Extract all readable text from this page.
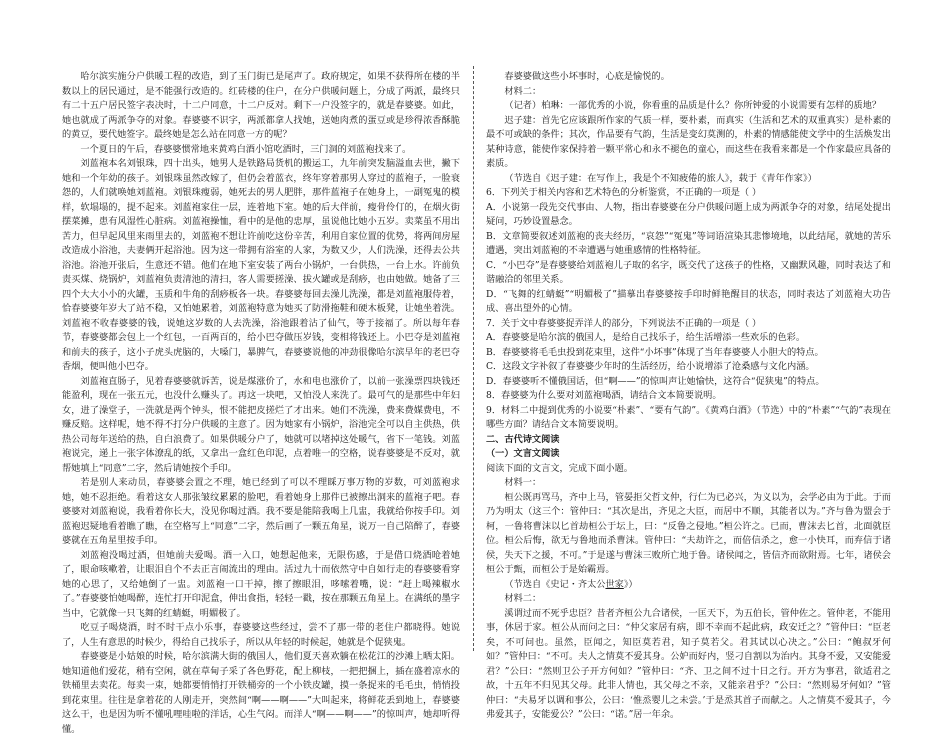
哈尔滨实施分户供暖工程的改造，到了玉门街已是尾声了。政府规定，如果不获得所在楼的半数以上的居民通过，是不能强行改造的。红砖楼的住户，在分户供暖问题上，分成了两派，最终只有二十五户居民签字表决时，十二户同意，十二户反对。剩下一户没签字的，就是春婆婆。如此，她也就成了两派争夺的对象。春婆婆不识字，两派都拿人找她，送她肉煮的蛋豆或是珍得浓香酥脆的黄豆，要代她签字。最终她是怎么站在同意一方的呢？

一个夏日的午后，春婆婆惯常地来黄鸡白酒小馆吃酒时，三门洞的刘蓝袍找来了。

刘蓝袍本名刘银珠，四十出头，她男人是铁路局货机的搬运工，九年前突发脑溢血去世，撇下她和一个年幼的孩子。刘银珠虽然改嫁了，但仍会着蓝衣，终年穿着那男人穿过的蓝袍子，一脸衰怨的，人们就唤她刘蓝袍。刘银珠瘦弱，她死去的男人肥胖，那件蓝袍子在她身上，一副冤鬼的模样，软塌塌的，提不起来。刘蓝袍家住一层，连着地下室。她的后大伴前，瘦骨伶仃的，在烟火街摆菜摊，患有风湿性心脏病。刘蓝袍操恤，看中的是他的忠厚，虽说他比她小五岁。卖菜虽不用出苦力，但早起风里来雨里去的，刘蓝袍不想让许前吃这份辛苦，利用自家位置的优势，将两间房屋改造成小浴池，夫妻俩开起浴池。因为这一带拥有浴室的人家，为数又少，人们洗澡，还得去公共浴池。浴池开张后，生意还不错。他们在地下室安装了两台小锅炉，一台供热，一台上水。许前负责买煤、烧锅炉，刘蓝袍负责清池的清扫，客人需要搓澡、拔火罐或是刮痧，也由她做。她备了三四个大大小小的火罐，玉质和牛角的刮痧板各一块。春婆婆每回去澡儿洗澡，都是刘蓝袍服侍着，恰春婆婆年岁大了站不稳，又怕她累着，刘蓝袍特意为她买了防滑拖鞋和硬木板凳，让她坐着洗。刘蓝袍不收春婆婆的钱，说她这岁数的人去洗澡，浴池跟着沾了仙气，等于接福了。所以每年春节，春婆婆都会包上一个红包，一百两百的，给小巴夺做压岁钱，变相将钱还上。小巴夺是刘蓝袍和前夫的孩子，这小子虎头虎脑的，大嗓门，暴脾气，春婆婆说他的冲劲很像哈尔滨早年的老巴夺香烟，便叫他小巴夺。

刘蓝袍直肠子，见着春婆婆就诉苦，说是煤涨价了，水和电也涨价了，以前一张澡票四块钱还能盈利，现在一张五元，也没什么赚头了。再这一块吧，又怕没人来洗了。最可气的是那些中年妇女，进了澡堂子，一洗就是两个钟头，恨不能把皮搓烂了才出来。她们不洗澡，费来费媒费电，不赚反赔。这样呢，她不得不打分户供暖的主意了。因为她家有小锅炉，浴池完全可以自主供热，供热公司每年送给的热，自白浪费了。如果供暖分户了，她就可以堵掉这处暖气，省下一笔钱。刘蓝袍说完，递上一张字体潦乱的纸，又拿出一盒红色印泥，点着唯一的空格，说春婆婆是不反对，就帮她填上“同意”二字，然后请她按个手印。

若是别人来动员，春婆婆会置之不理，她已经到了可以不理睬万事万物的岁数，可刘蓝袍求她，她不忍拒绝。看着这女人那张皱纹累累的脸吧，看着她身上那件已被擦出洞来的蓝袍子吧。春婆婆对刘蓝袍说，我看着你长大，没见你喝过酒。我不要是能陪我喝上几盅，我就给你按手印。刘蓝袍迟疑地看着瞧了瞧，在空格写上“同意”二字，然后画了一颗五角星，说万一自己陪醉了，春婆婆就在五角星里按手印。

刘蓝袍没喝过酒，但她前夫爱喝。酒一入口，她想起他来，无限伤感，于是借口烧酒呛着她了，眼命咳嗽着，让眼泪自个不去正言闹流出的理由。活过九十而依然守中自如行走的春婆婆看穿她的心思了，又给她倒了一盅。刘蓝袍一口干掉，擦了擦眼泪，哆嗦着嘴，说：“赶上喝辣椒水了。”春婆婆怕她喝醉，连忙打开印泥盒，伸出食指，轻轻一戳，按在那颗五角星上。在满纸的墨字当中，它就像一只飞舞的红蜻蜓，明媚极了。

吃豆子喝烧酒，时不时干点小乐事，春婆婆这些经过，尝不了那一带的老住户都晓得。她说了，人生有意思的时候少，得给自己找乐子，所以从年轻的时候起，她就是个促狭鬼。

春婆婆是小姑娘的时候，哈尔滨满大街的俄国人，他们夏天喜欢躺在松花江的沙滩上晒太阳。她知道他们爱花，稍有空闲，就在草甸子采了各色野花，配上柳枝，一把把捆上，插在盛着凉水的铁桶里去卖花。每卖一束，她都要悄悄打开铁桶旁的一个小铁皮罐，摸一条捉来的毛毛虫，悄悄投到花束里。往往是拿着花的人刚走开，突然间“啊——啊——”大叫起来，将鲜花丢到地上，春婆婆这么干，也是因为听不懂吼哩哇啦的洋话，心生气闷。而洋人“啊——啊——”的惊叫声，她却听得懂。

春婆婆做这些小坏事时，心底是愉悦的。

材料二：

（记者）柏琳：一部优秀的小说，你看重的品质是什么？你所钟爱的小说需要有怎样的质地？

迟子建：首先它应该跟所作家的气质一样，要朴素，而真实（生活和艺术的双重真实）是朴素的最不可或缺的条件；其次，作品要有气韵，生活是变幻莫测的，朴素的情感能使文学中的生活焕发出某种诗意，能使作家保持着一颗平常心和永不褪色的童心，而这些在我看来都是一个作家最应具备的素质。

（节选自《迟子建：在写作上，我是个不知疲倦的旅人》，载于《青年作家》）

6．下列关于相关内容和艺术特色的分析鉴赏，不正确的一项是（ ）

A．小说第一段先交代事由、人物，指出春婆婆在分户供暖问题上成为两派争夺的对象，结尾处提出疑问，巧妙设置悬念。

B．文章简要叙述刘蓝袍的丧夫经历，“哀怨”“冤鬼”等词语渲染其悲惨境地，以此结尾，就她的苦乐遭遇，突出刘蓝袍的不幸遭遇与她重感情的性格特征。

C．“小巴夺”是春婆婆给刘蓝袍儿子取的名字，既交代了这孩子的性格，又幽默风趣，同时表达了和谐融洽的邻里关系。

D．“飞舞的红蜻蜓”“明媚极了”描摹出春婆婆按手印时鲜艳醒目的状态，同时表达了刘蓝袍大功告成、喜出望外的心情。

7．关于文中春婆婆捉弄洋人的部分，下列说法不正确的一项是（ ）

A．春婆婆是哈尔滨的俄国人，是给自己找乐子，给生活增添一些欢乐的色彩。

B．春婆婆将毛毛虫投到花束里，这件“小坏事”体现了当年春婆婆人小胆大的特点。

C．这段文字补叙了春婆婆少年时的生活经历，给小说增添了沧桑感与文化内涵。

D．春婆婆听不懂俄国话，但“啊——”的惊叫声让她愉快，这符合“促狭鬼”的特点。

8．春婆婆为什么要对刘蓝袍喝酒，请结合文本简要说明。

9．材料二中提到优秀的小说要“朴素”、“要有气韵”。《黄鸡白酒》（节选）中的“朴素”“气韵”表现在哪些方面？请结合文本简要说明。

二、古代诗文阅读

（一）文言文阅读

阅读下面的文言文，完成下面小题。

材料一：

桓公既再骂马，齐中上马，管晏拒父哲文仲，行仁为已必兴，为义以为，会学必由为于此。于而乃为明太（这三个：管仲曰：“其次是出，齐见之大臣，而居中不顺，其能者以为。”齐与鲁为盟会于柯，一鲁将曹沫以匕首劫桓公于坛上，曰：“反鲁之侵地。”桓公许之。已而，曹沫去匕首，北面就臣位。桓公后悔，欲无与鲁地而杀曹沫。管仲曰：“夫劫许之，而倍信杀之，愈一小快耳，而弃信于诸侯，失天下之援，不可。”于是遂与曹沫三败所亡地于鲁。诸侯闻之，皆信齐而欲附焉。七年，诸侯会桓公于甄，而桓公于是始霸焉。

（节选自《史记・齐太公世家》）

材料二：

溪谓过而不死乎忠臣？昔者齐桓公九合诸侯，一匡天下，为五伯长，管仲佐之。管仲老，不能用事，休居于家。桓公从而问之曰：“仲父家居有病，即不幸而不起此病，政安迁之？”管仲曰：“臣老矣，不可问也。虽然，臣闻之，知臣莫若君，知子莫若父。君其试以心决之。”公曰：“鲍叔牙何如？”管仲曰：“不可。夫人之情莫不爱其身。公妒而好内，竖刁自割以为治内。其身不爱，又安能爱君？”公曰：“然则卫公子开方何如？”管仲曰：“齐、卫之间不过十日之行。开方为事君，欲适君之故，十五年不归见其父母。此非人情也，其父母之不亲，又能亲君乎？”公曰：“然则易牙何如？”管仲曰：“夫易牙以调和事公，公曰：‘惟烝婴儿之未尝。’于是烝其首子而献之。人之情莫不爱其子，今弗爱其子，安能爱公？”公曰：“诺。”居一年余。
